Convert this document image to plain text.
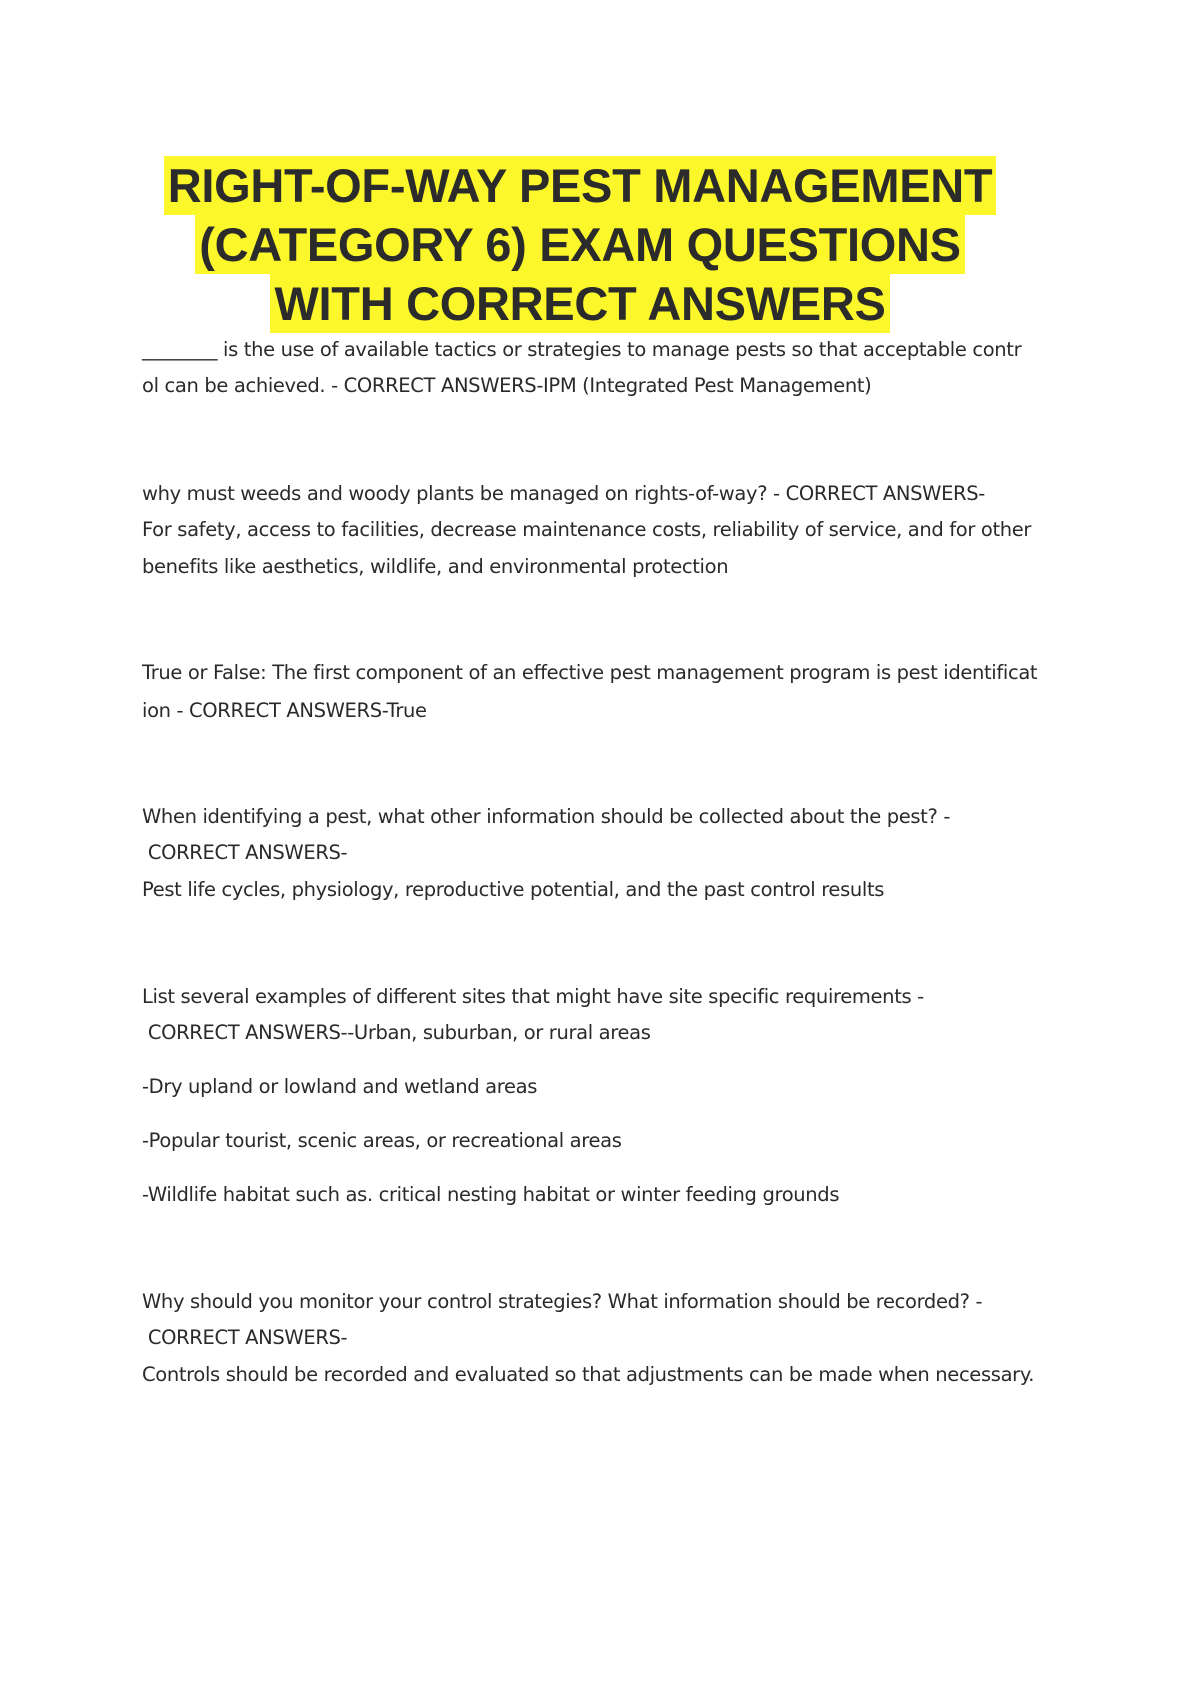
RIGHT-OF-WAY PEST MANAGEMENT
(CATEGORY 6) EXAM QUESTIONS
WITH CORRECT ANSWERS
________ is the use of available tactics or strategies to manage pests so that acceptable contr
ol can be achieved. - CORRECT ANSWERS-IPM (Integrated Pest Management)
why must weeds and woody plants be managed on rights-of-way? - CORRECT ANSWERS-
For safety, access to facilities, decrease maintenance costs, reliability of service, and for other
benefits like aesthetics, wildlife, and environmental protection
True or False: The first component of an effective pest management program is pest identificat
ion - CORRECT ANSWERS-True
When identifying a pest, what other information should be collected about the pest? -
CORRECT ANSWERS-
Pest life cycles, physiology, reproductive potential, and the past control results
List several examples of different sites that might have site specific requirements -
CORRECT ANSWERS--Urban, suburban, or rural areas
-Dry upland or lowland and wetland areas
-Popular tourist, scenic areas, or recreational areas
-Wildlife habitat such as. critical nesting habitat or winter feeding grounds
Why should you monitor your control strategies? What information should be recorded? -
CORRECT ANSWERS-
Controls should be recorded and evaluated so that adjustments can be made when necessary.
